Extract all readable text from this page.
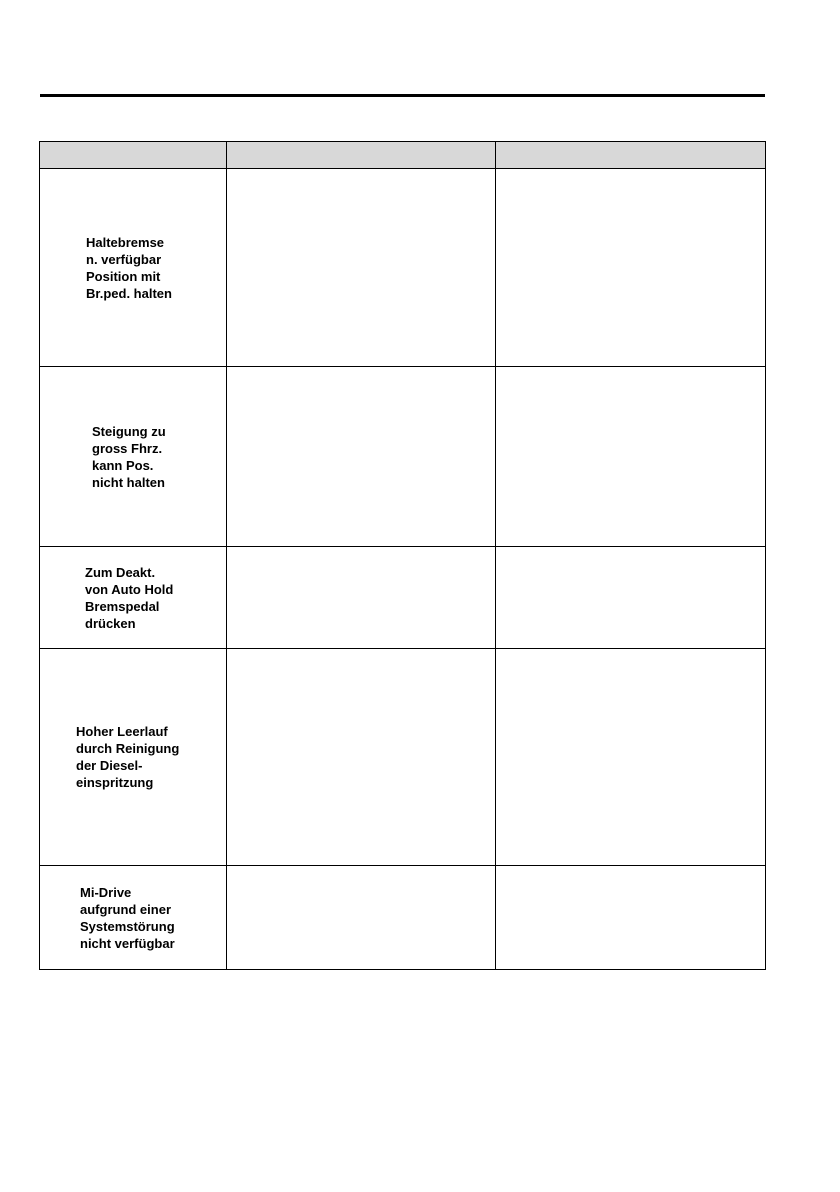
Haltebremse
n. verfügbar
Position mit
Br.ped. halten		

Steigung zu
gross Fhrz.
kann Pos.
nicht halten		

Zum Deakt.
von Auto Hold
Bremspedal
drücken		

Hoher Leerlauf
durch Reinigung
der Diesel-
einspritzung		

Mi-Drive
aufgrund einer
Systemstörung
nicht verfügbar		
